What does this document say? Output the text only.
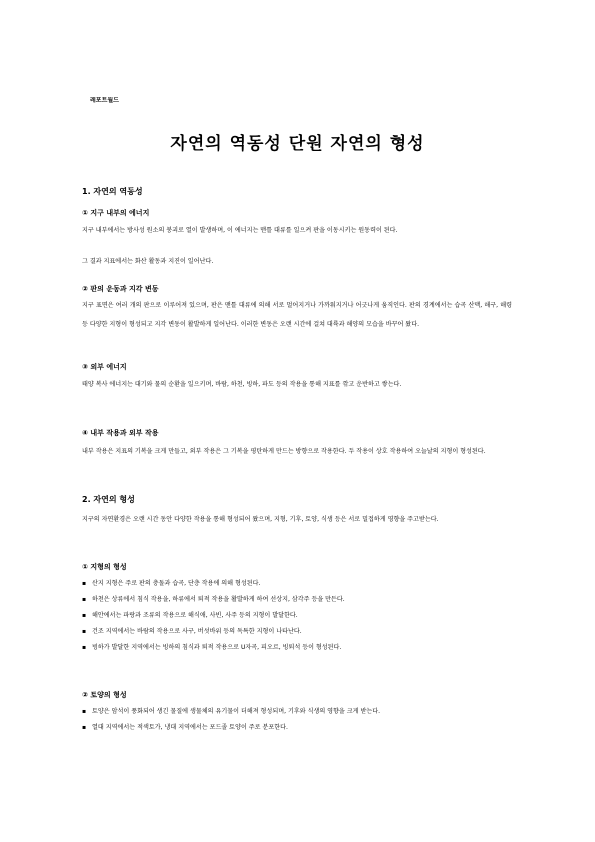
레포트월드
자연의 역동성 단원 자연의 형성
1. 자연의 역동성
① 지구 내부의 에너지
지구 내부에서는 방사성 원소의 붕괴로 열이 발생하며, 이 에너지는 맨틀 대류를 일으켜 판을 이동시키는 원동력이 된다.
그 결과 지표에서는 화산 활동과 지진이 일어난다.
② 판의 운동과 지각 변동
지구 표면은 여러 개의 판으로 이루어져 있으며, 판은 맨틀 대류에 의해 서로 멀어지거나 가까워지거나 어긋나게 움직인다. 판의 경계에서는 습곡 산맥, 해구, 해령 등 다양한 지형이 형성되고 지각 변동이 활발하게 일어난다. 이러한 변동은 오랜 시간에 걸쳐 대륙과 해양의 모습을 바꾸어 왔다.
③ 외부 에너지
태양 복사 에너지는 대기와 물의 순환을 일으키며, 바람, 하천, 빙하, 파도 등의 작용을 통해 지표를 깎고 운반하고 쌓는다.
④ 내부 작용과 외부 작용
내부 작용은 지표의 기복을 크게 만들고, 외부 작용은 그 기복을 평탄하게 만드는 방향으로 작용한다. 두 작용이 상호 작용하여 오늘날의 지형이 형성된다.
2. 자연의 형성
지구의 자연환경은 오랜 시간 동안 다양한 작용을 통해 형성되어 왔으며, 지형, 기후, 토양, 식생 등은 서로 밀접하게 영향을 주고받는다.
① 지형의 형성
▪ 산지 지형은 주로 판의 충돌과 습곡, 단층 작용에 의해 형성된다.
▪ 하천은 상류에서 침식 작용을, 하류에서 퇴적 작용을 활발하게 하여 선상지, 삼각주 등을 만든다.
▪ 해안에서는 파랑과 조류의 작용으로 해식애, 사빈, 사주 등의 지형이 발달한다.
▪ 건조 지역에서는 바람의 작용으로 사구, 버섯바위 등의 독특한 지형이 나타난다.
▪ 빙하가 발달한 지역에서는 빙하의 침식과 퇴적 작용으로 U자곡, 피오르, 빙퇴석 등이 형성된다.
② 토양의 형성
▪ 토양은 암석이 풍화되어 생긴 물질에 생물체의 유기물이 더해져 형성되며, 기후와 식생의 영향을 크게 받는다.
▪ 열대 지역에서는 적색토가, 냉대 지역에서는 포드졸 토양이 주로 분포한다.
